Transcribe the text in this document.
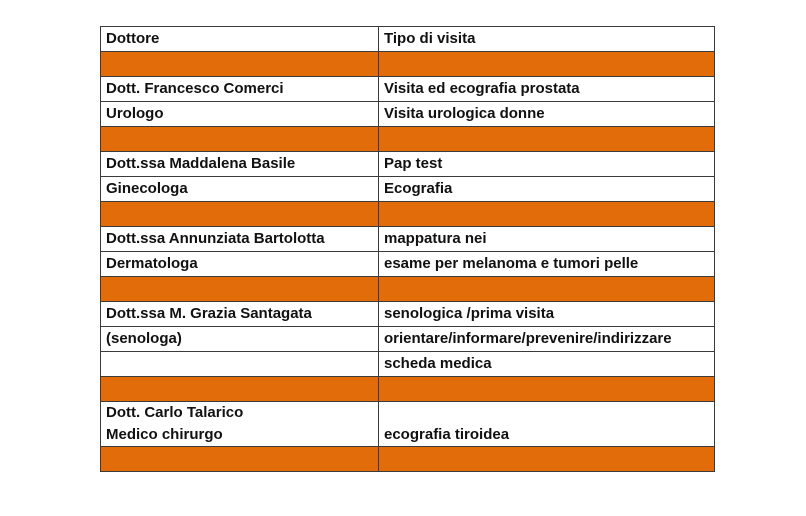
Dottore	Tipo di visita

Dott. Francesco Comerci	Visita ed ecografia prostata
Urologo	Visita urologica donne

Dott.ssa Maddalena Basile	Pap test
Ginecologa	Ecografia

Dott.ssa Annunziata Bartolotta	mappatura nei
Dermatologa	esame per melanoma e tumori pelle

Dott.ssa M. Grazia Santagata	senologica /prima visita
(senologa)	orientare/informare/prevenire/indirizzare
	scheda medica

Dott. Carlo Talarico
Medico chirurgo	ecografia tiroidea
